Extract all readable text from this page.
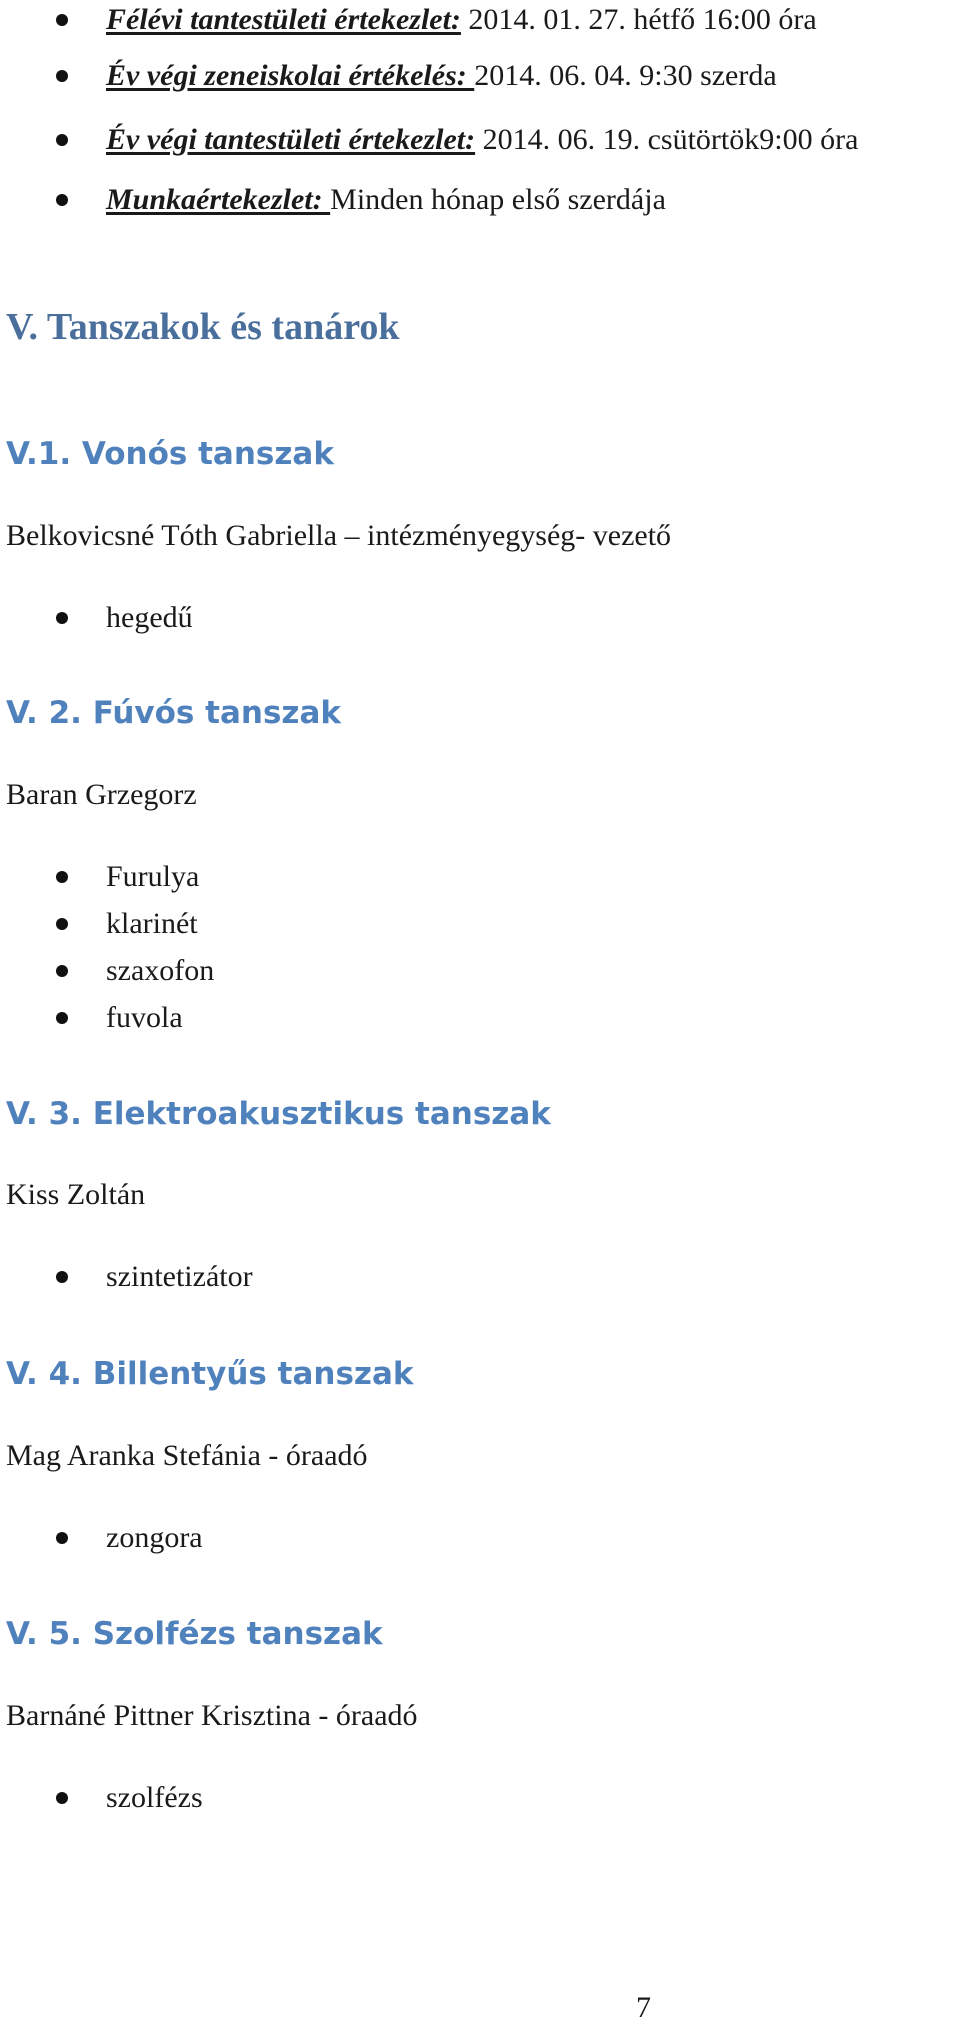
Félévi tantestületi értekezlet: 2014. 01. 27. hétfő 16:00 óra
Év végi zeneiskolai értékelés: 2014. 06. 04. 9:30 szerda
Év végi tantestületi értekezlet: 2014. 06. 19. csütörtök9:00 óra
Munkaértekezlet: Minden hónap első szerdája
V. Tanszakok és tanárok
V.1. Vonós tanszak
Belkovicsné Tóth Gabriella – intézményegység- vezető
hegedű
V. 2. Fúvós tanszak
Baran Grzegorz
Furulya
klarinét
szaxofon
fuvola
V. 3. Elektroakusztikus tanszak
Kiss Zoltán
szintetizátor
V. 4. Billentyűs tanszak
Mag Aranka Stefánia - óraadó
zongora
V. 5. Szolfézs tanszak
Barnáné Pittner Krisztina - óraadó
szolfézs
7
